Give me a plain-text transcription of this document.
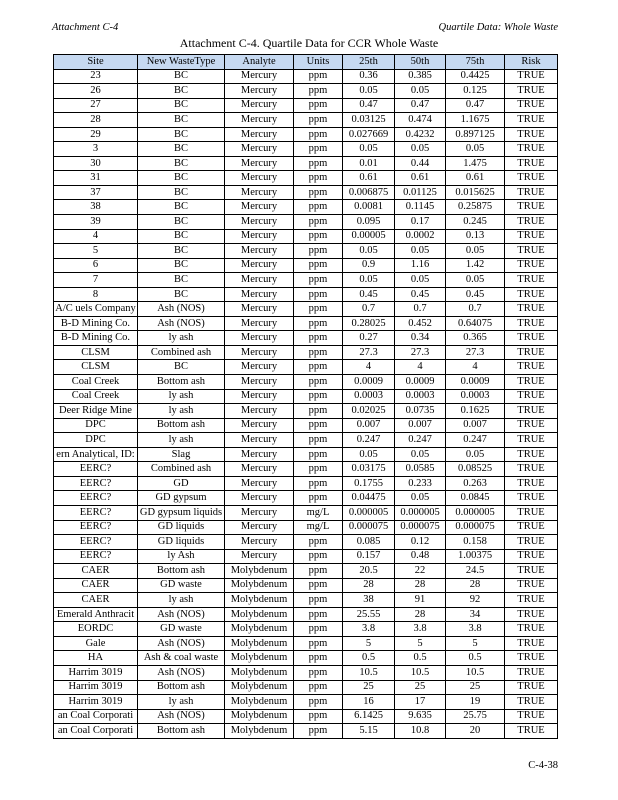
Attachment C-4	Quartile Data: Whole Waste
Attachment C-4. Quartile Data for CCR Whole Waste
Site	New WasteType	Analyte	Units	25th	50th	75th	Risk
23	BC	Mercury	ppm	0.36	0.385	0.4425	TRUE
26	BC	Mercury	ppm	0.05	0.05	0.125	TRUE
27	BC	Mercury	ppm	0.47	0.47	0.47	TRUE
28	BC	Mercury	ppm	0.03125	0.474	1.1675	TRUE
29	BC	Mercury	ppm	0.027669	0.4232	0.897125	TRUE
3	BC	Mercury	ppm	0.05	0.05	0.05	TRUE
30	BC	Mercury	ppm	0.01	0.44	1.475	TRUE
31	BC	Mercury	ppm	0.61	0.61	0.61	TRUE
37	BC	Mercury	ppm	0.006875	0.01125	0.015625	TRUE
38	BC	Mercury	ppm	0.0081	0.1145	0.25875	TRUE
39	BC	Mercury	ppm	0.095	0.17	0.245	TRUE
4	BC	Mercury	ppm	0.00005	0.0002	0.13	TRUE
5	BC	Mercury	ppm	0.05	0.05	0.05	TRUE
6	BC	Mercury	ppm	0.9	1.16	1.42	TRUE
7	BC	Mercury	ppm	0.05	0.05	0.05	TRUE
8	BC	Mercury	ppm	0.45	0.45	0.45	TRUE
A/C uels Company	Ash (NOS)	Mercury	ppm	0.7	0.7	0.7	TRUE
B-D Mining Co.	Ash (NOS)	Mercury	ppm	0.28025	0.452	0.64075	TRUE
B-D Mining Co.	ly ash	Mercury	ppm	0.27	0.34	0.365	TRUE
CLSM	Combined ash	Mercury	ppm	27.3	27.3	27.3	TRUE
CLSM	BC	Mercury	ppm	4	4	4	TRUE
Coal Creek	Bottom ash	Mercury	ppm	0.0009	0.0009	0.0009	TRUE
Coal Creek	ly ash	Mercury	ppm	0.0003	0.0003	0.0003	TRUE
Deer Ridge Mine	ly ash	Mercury	ppm	0.02025	0.0735	0.1625	TRUE
DPC	Bottom ash	Mercury	ppm	0.007	0.007	0.007	TRUE
DPC	ly ash	Mercury	ppm	0.247	0.247	0.247	TRUE
ern Analytical, ID:	Slag	Mercury	ppm	0.05	0.05	0.05	TRUE
EERC?	Combined ash	Mercury	ppm	0.03175	0.0585	0.08525	TRUE
EERC?	GD	Mercury	ppm	0.1755	0.233	0.263	TRUE
EERC?	GD gypsum	Mercury	ppm	0.04475	0.05	0.0845	TRUE
EERC?	GD gypsum liquids	Mercury	mg/L	0.000005	0.000005	0.000005	TRUE
EERC?	GD liquids	Mercury	mg/L	0.000075	0.000075	0.000075	TRUE
EERC?	GD liquids	Mercury	ppm	0.085	0.12	0.158	TRUE
EERC?	ly Ash	Mercury	ppm	0.157	0.48	1.00375	TRUE
CAER	Bottom ash	Molybdenum	ppm	20.5	22	24.5	TRUE
CAER	GD waste	Molybdenum	ppm	28	28	28	TRUE
CAER	ly ash	Molybdenum	ppm	38	91	92	TRUE
Emerald Anthracit	Ash (NOS)	Molybdenum	ppm	25.55	28	34	TRUE
EORDC	GD waste	Molybdenum	ppm	3.8	3.8	3.8	TRUE
Gale	Ash (NOS)	Molybdenum	ppm	5	5	5	TRUE
HA	Ash & coal waste	Molybdenum	ppm	0.5	0.5	0.5	TRUE
Harrim 3019	Ash (NOS)	Molybdenum	ppm	10.5	10.5	10.5	TRUE
Harrim 3019	Bottom ash	Molybdenum	ppm	25	25	25	TRUE
Harrim 3019	ly ash	Molybdenum	ppm	16	17	19	TRUE
an Coal Corporati	Ash (NOS)	Molybdenum	ppm	6.1425	9.635	25.75	TRUE
an Coal Corporati	Bottom ash	Molybdenum	ppm	5.15	10.8	20	TRUE
C-4-38
